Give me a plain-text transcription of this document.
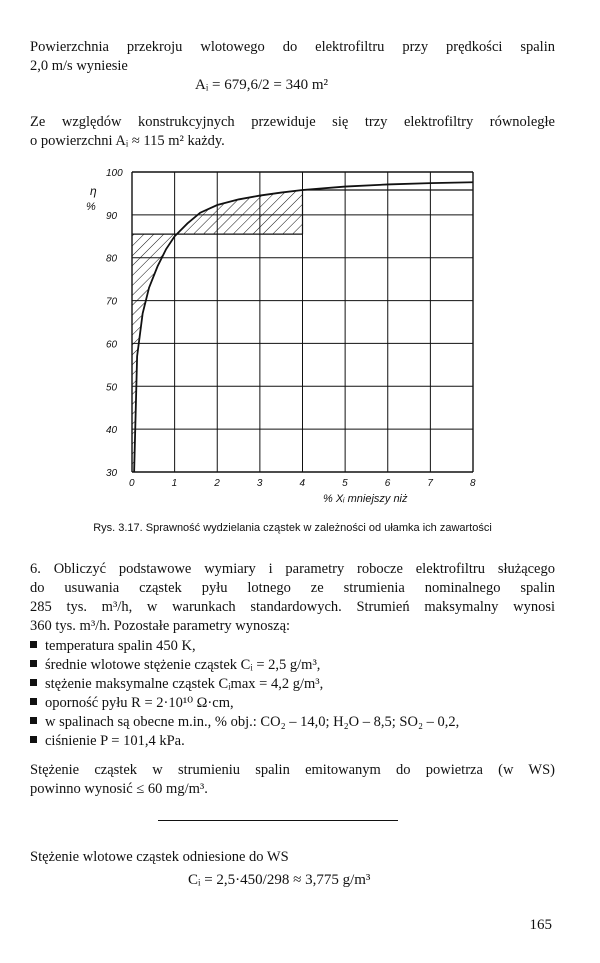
Powierzchnia przekroju wlotowego do elektrofiltru przy prędkości spalin
2,0 m/s wyniesie
Aᵢ = 679,6/2 = 340 m²
Ze względów konstrukcyjnych przewiduje się trzy elektrofiltry równoległe
o powierzchni Aᵢ ≈ 115 m² każdy.
0	1	2	3	4	5	6	7	8
30
40
50
60
70
80
90
100
η
%
% Xᵢ mniejszy niż
Rys. 3.17. Sprawność wydzielania cząstek w zależności od ułamka ich zawartości
6. Obliczyć podstawowe wymiary i parametry robocze elektrofiltru służącego
do usuwania cząstek pyłu lotnego ze strumienia nominalnego spalin
285 tys. m³/h, w warunkach standardowych. Strumień maksymalny wynosi
360 tys. m³/h. Pozostałe parametry wynoszą:
temperatura spalin 450 K,
średnie wlotowe stężenie cząstek Cᵢ = 2,5 g/m³,
stężenie maksymalne cząstek Cᵢmax = 4,2 g/m³,
oporność pyłu R = 2·10¹⁰ Ω·cm,
w spalinach są obecne m.in., % obj.: CO₂ – 14,0; H₂O – 8,5; SO₂ – 0,2,
ciśnienie P = 101,4 kPa.
Stężenie cząstek w strumieniu spalin emitowanym do powietrza (w WS)
powinno wynosić ≤ 60 mg/m³.
Stężenie wlotowe cząstek odniesione do WS
Cᵢ = 2,5·450/298 ≈ 3,775 g/m³
165
